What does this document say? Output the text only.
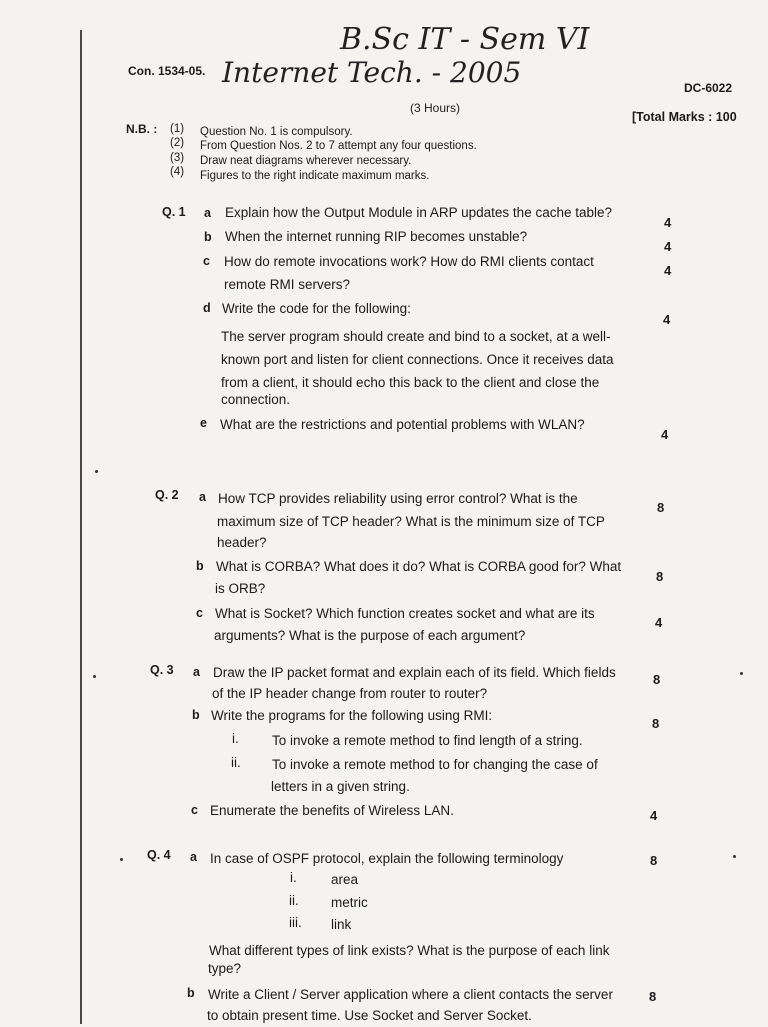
B.Sc IT - Sem VI
Internet Tech. - 2005
Con. 1534-05.
DC-6022
(3 Hours)
[Total Marks : 100
N.B. : (1) Question No. 1 is compulsory.
(2) From Question Nos. 2 to 7 attempt any four questions.
(3) Draw neat diagrams wherever necessary.
(4) Figures to the right indicate maximum marks.
Q. 1 a Explain how the Output Module in ARP updates the cache table?
4
b When the internet running RIP becomes unstable?
4
c How do remote invocations work? How do RMI clients contact
remote RMI servers?
4
d Write the code for the following:
The server program should create and bind to a socket, at a well-
known port and listen for client connections. Once it receives data
from a client, it should echo this back to the client and close the
connection.
4
e What are the restrictions and potential problems with WLAN?
4
Q. 2 a How TCP provides reliability using error control? What is the
maximum size of TCP header? What is the minimum size of TCP
header?
8
b What is CORBA? What does it do? What is CORBA good for? What
is ORB?
8
c What is Socket? Which function creates socket and what are its
arguments? What is the purpose of each argument?
4
Q. 3 a Draw the IP packet format and explain each of its field. Which fields
of the IP header change from router to router?
8
b Write the programs for the following using RMI:
8
i. To invoke a remote method to find length of a string.
ii. To invoke a remote method to for changing the case of
letters in a given string.
c Enumerate the benefits of Wireless LAN.	4
Q. 4 a In case of OSPF protocol, explain the following terminology	8
i.	area
ii. metric
iii. link
What different types of link exists? What is the purpose of each link
type?
b Write a Client / Server application where a client contacts the server
to obtain present time. Use Socket and Server Socket.
8
